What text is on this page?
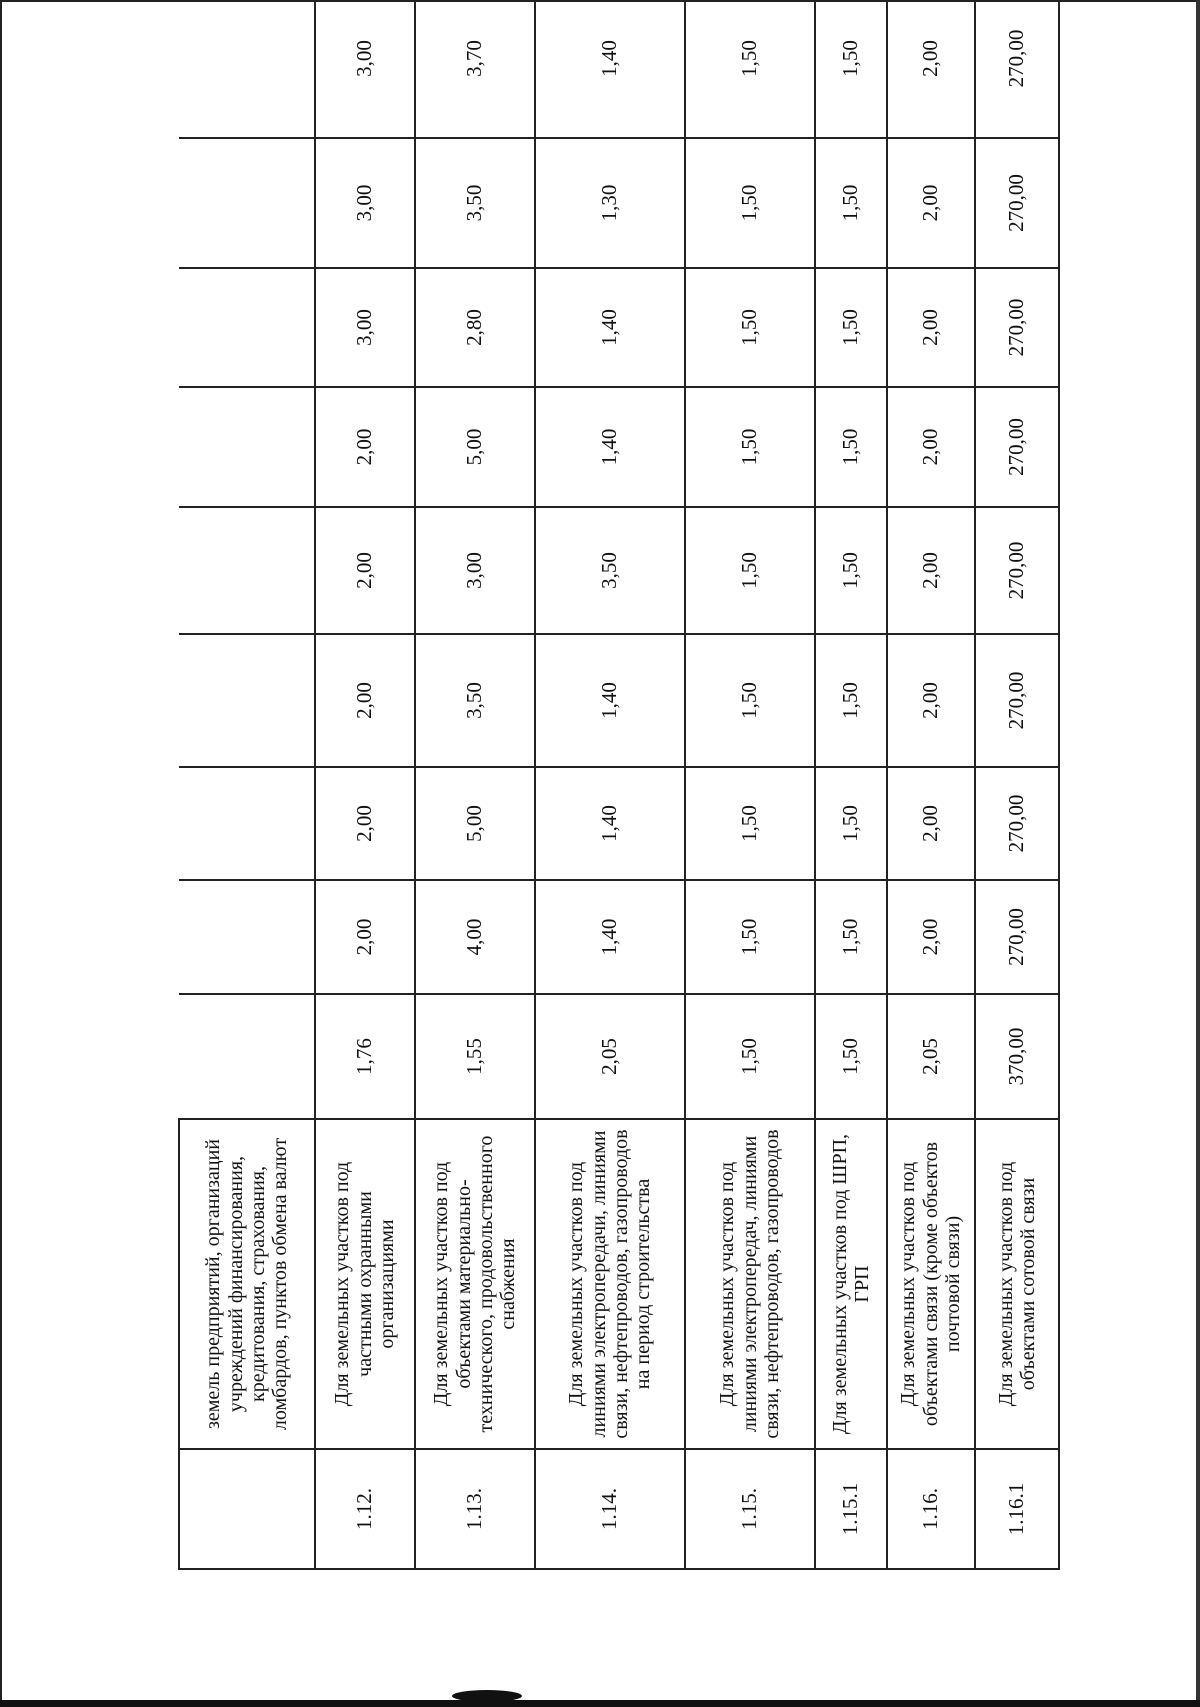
	земель предприятий, организаций учреждений финансирования, кредитования, страхования, ломбардов, пунктов обмена валют									
1.12.	Для земельных участков под частными охранными организациями	1,76	2,00	2,00	2,00	2,00	2,00	3,00	3,00	3,00
1.13.	Для земельных участков под объектами материально-технического, продовольственного снабжения	1,55	4,00	5,00	3,50	3,00	5,00	2,80	3,50	3,70
1.14.	Для земельных участков под линиями электропередачи, линиями связи, нефтепроводов, газопроводов на период строительства	2,05	1,40	1,40	1,40	3,50	1,40	1,40	1,30	1,40
1.15.	Для земельных участков под линиями электропередач, линиями связи, нефтепроводов, газопроводов	1,50	1,50	1,50	1,50	1,50	1,50	1,50	1,50	1,50
1.15.1	Для земельных участков под ШРП, ГРП	1,50	1,50	1,50	1,50	1,50	1,50	1,50	1,50	1,50
1.16.	Для земельных участков под объектами связи (кроме объектов почтовой связи)	2,05	2,00	2,00	2,00	2,00	2,00	2,00	2,00	2,00
1.16.1	Для земельных участков под объектами сотовой связи	370,00	270,00	270,00	270,00	270,00	270,00	270,00	270,00	270,00
